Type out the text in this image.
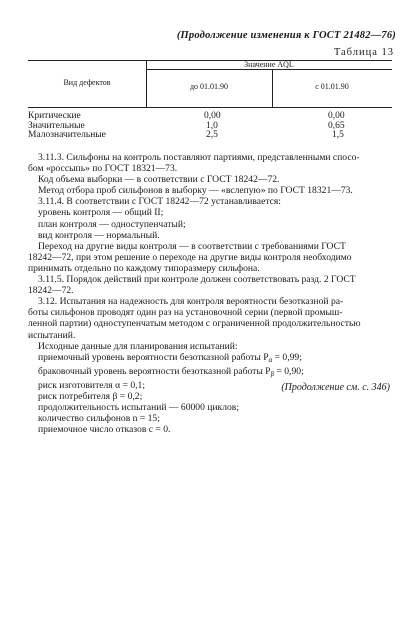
(Продолжение изменения к ГОСТ 21482—76)
Таблица 13
Вид дефектов
Значение AQL
до 01.01.90	с 01.01.90
Критические	0,00	0,00
Значительные	1,0	0,65
Малозначительные	2,5	1,5

3.11.3. Сильфоны на контроль поставляют партиями, представленными спосо-

бом «россыпь» по ГОСТ 18321—73.

Код объема выборки — в соответствии с ГОСТ 18242—72.

Метод отбора проб сильфонов в выборку — «вслепую» по ГОСТ 18321—73.

3.11.4. В соответствии с ГОСТ 18242—72 устанавливается:

уровень контроля — общий II;

план контроля — одноступенчатый;

вид контроля — нормальный.

Переход на другие виды контроля — в соответствии с требованиями ГОСТ

18242—72, при этом решение о переходе на другие виды контроля необходимо

принимать отдельно по каждому типоразмеру сильфона.

3.11.5. Порядок действий при контроле должен соответствовать разд. 2 ГОСТ

18242—72.

3.12. Испытания на надежность для контроля вероятности безотказной ра-

боты сильфонов проводят один раз на установочной серии (первой промыш-

ленной партии) одноступенчатым методом с ограниченной продолжительностью

испытаний.

Исходные данные для планирования испытаний:

приемочный уровень вероятности безотказной работы $P_\alpha = 0,99$;

браковочный уровень вероятности безотказной работы $P_\beta = 0,90$;

риск изготовителя α = 0,1;

риск потребителя β = 0,2;

продолжительность испытаний — 60000 циклов;

количество сильфонов n = 15;

приемочное число отказов c = 0.

(Продолжение см. с. 346)
